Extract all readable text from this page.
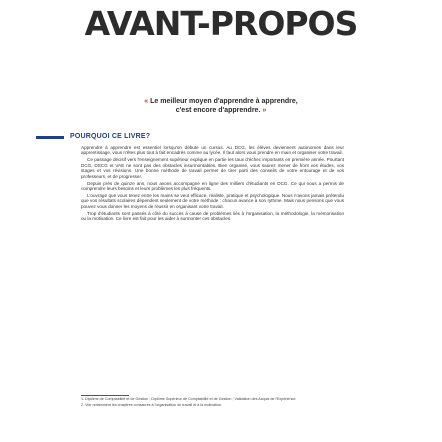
AVANT-PROPOS
« Le meilleur moyen d'apprendre à apprendre,
c'est encore d'apprendre. »
POURQUOI CE LIVRE?

Apprendre à apprendre est essentiel lorsqu'on débute un cursus. Au DCG, les élèves deviennent autonomes dans leur apprentissage, vous n'êtes plus tout à fait encadrés comme au lycée. Il faut alors vous prendre en main et organiser votre travail.

Ce passage décisif vers l'enseignement supérieur explique en partie les taux d'échec importants en première année. Pourtant DCG, DSCG et VAE ne sont pas des obstacles insurmontables. Bien organisé, vous saurez mener de front vos études, vos stages et vos révisions. Une bonne méthode de travail permet de tirer parti des conseils de votre entourage et de vos professeurs, et de progresser.

Depuis près de quinze ans, nous avons accompagné en ligne des milliers d'étudiants en DCG. Ce qui nous a permis de comprendre leurs besoins et leurs problèmes les plus fréquents.

L'ouvrage que vous tenez entre les mains se veut efficace, réaliste, pratique et psychologique. Nous n'avons jamais prétendu que vos résultats scolaires dépendent seulement de votre méthode ; chacun avance à son rythme. Mais nous pensons que vous pouvez vous donner les moyens de réussir en organisant votre travail.

Trop d'étudiants sont passés à côté du succès à cause de problèmes liés à l'organisation, la méthodologie, la mémorisation ou la motivation. Ce livre est fait pour les aider à surmonter ces obstacles.

1. Diplôme de Comptabilité et de Gestion ; Diplôme Supérieur de Comptabilité et de Gestion ; Validation des Acquis de l'Expérience.

2. Voir notamment les chapitres consacrés à l'organisation du travail et à la motivation.
